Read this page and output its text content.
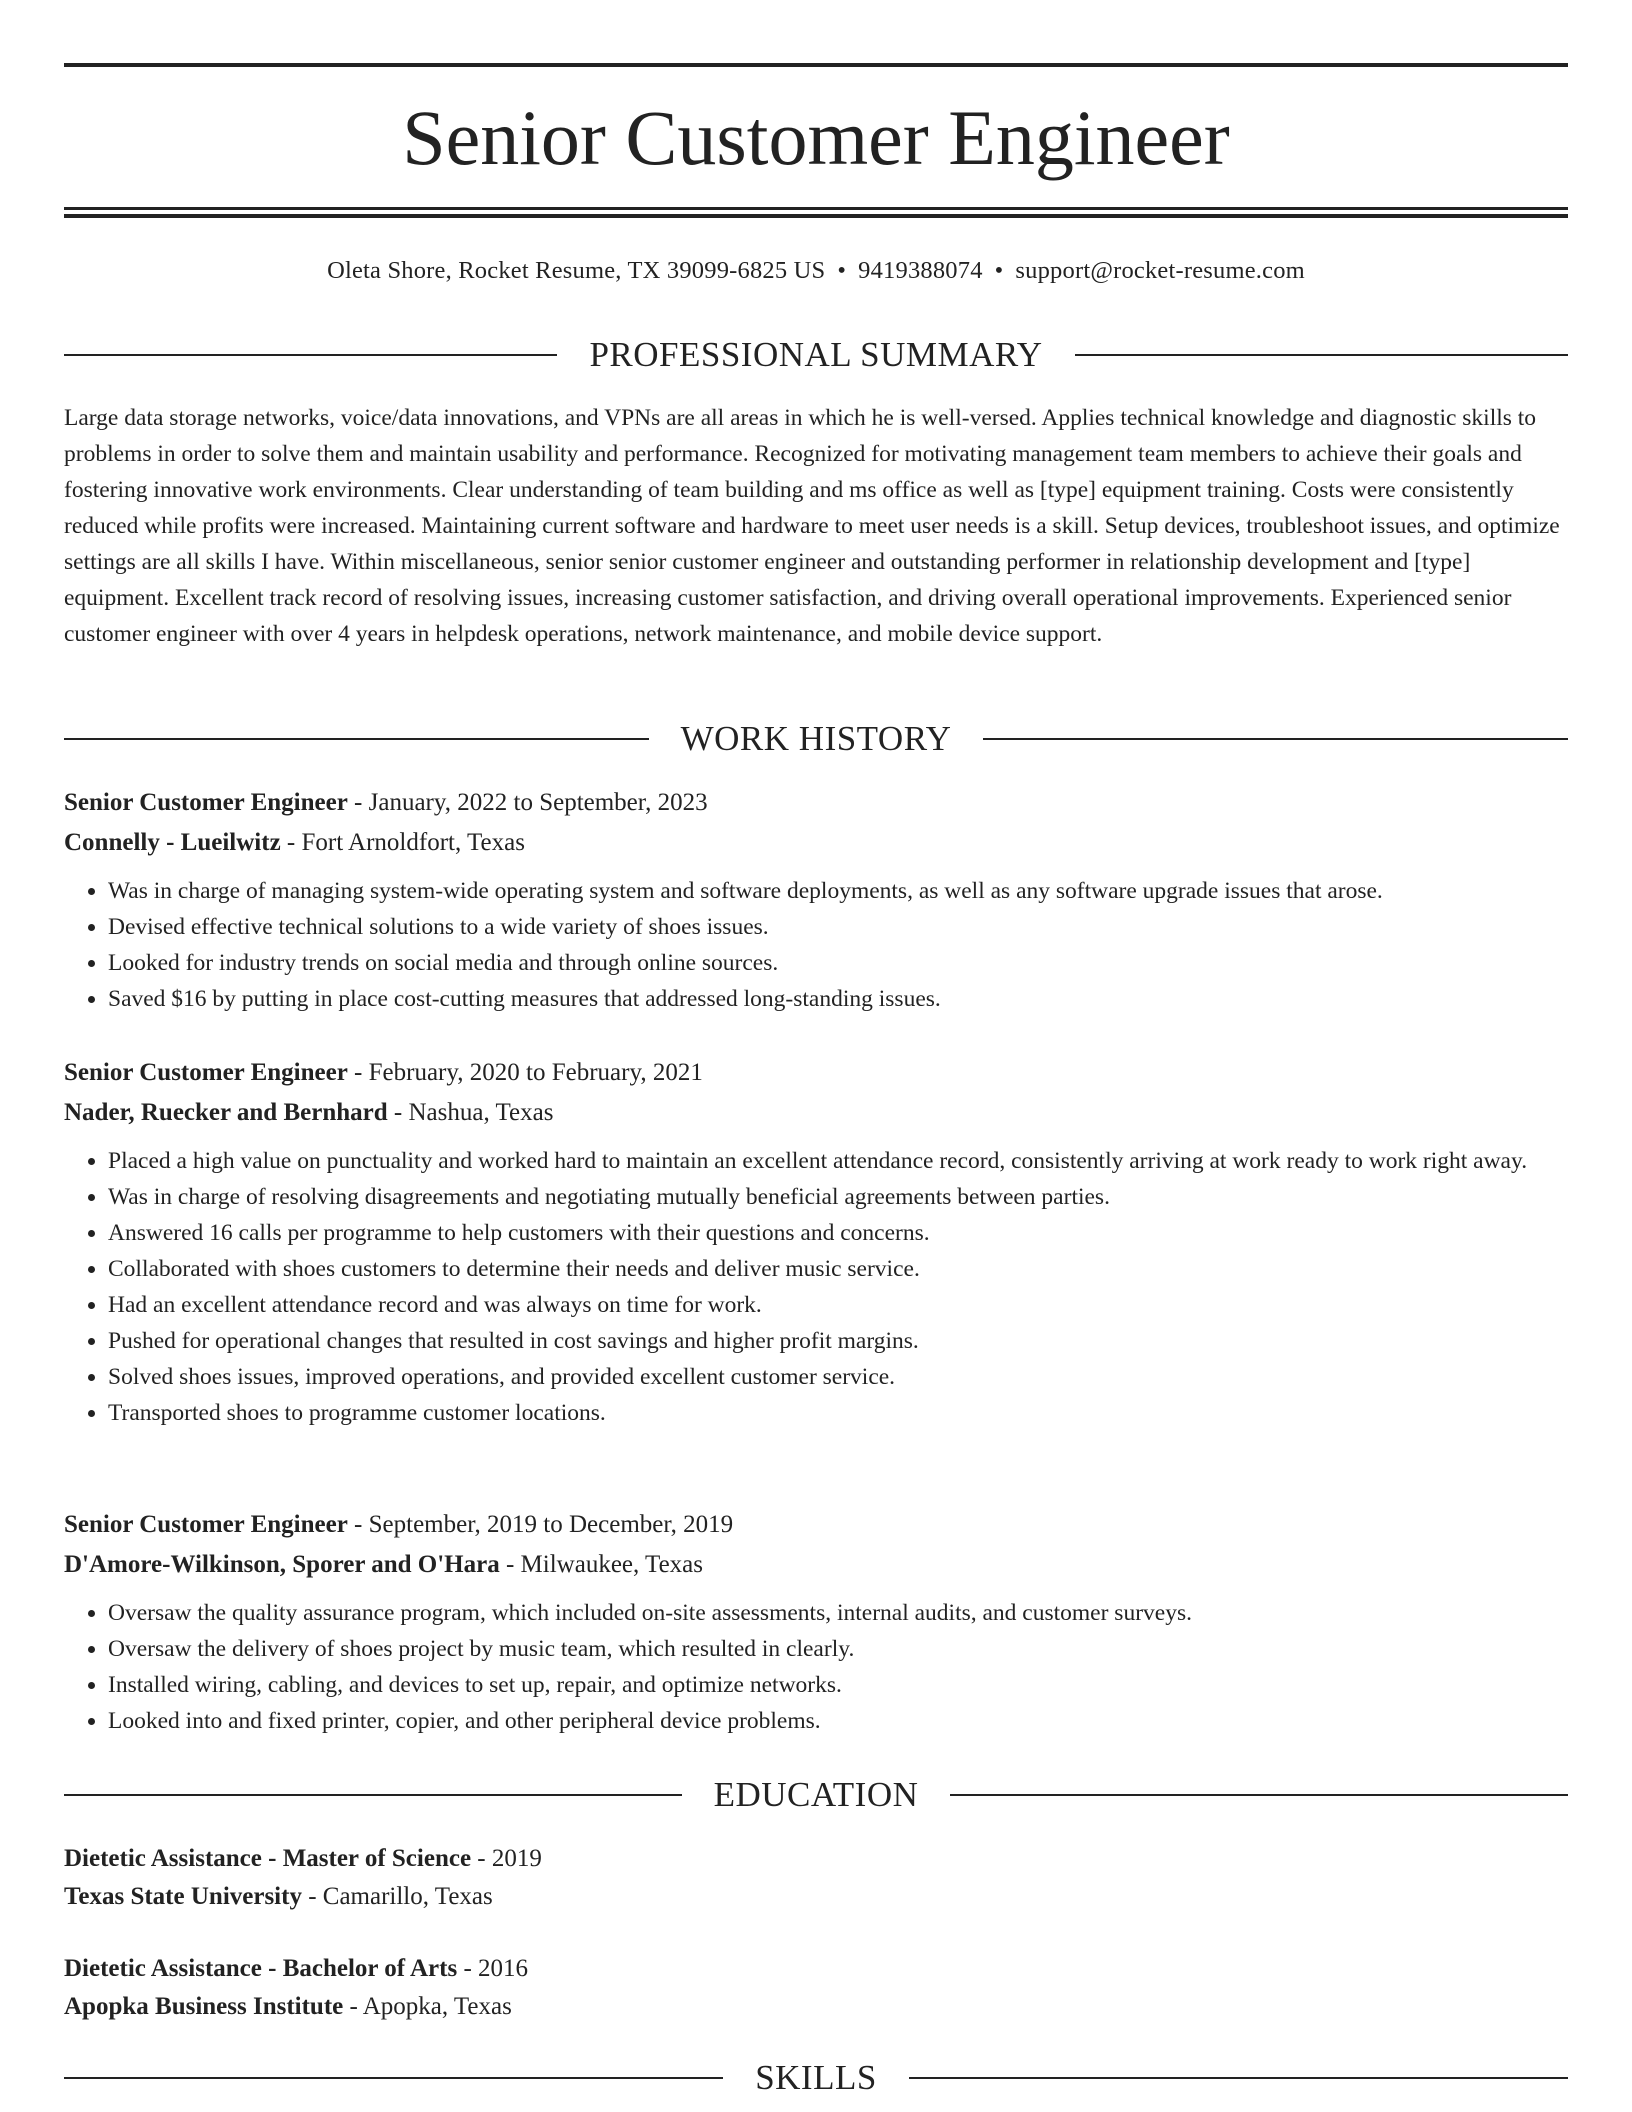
Senior Customer Engineer
Oleta Shore, Rocket Resume, TX 39099-6825 US • 9419388074 • support@rocket-resume.com
PROFESSIONAL SUMMARY

Large data storage networks, voice/data innovations, and VPNs are all areas in which he is well-versed. Applies technical knowledge and diagnostic skills to problems in order to solve them and maintain usability and performance. Recognized for motivating management team members to achieve their goals and fostering innovative work environments. Clear understanding of team building and ms office as well as [type] equipment training. Costs were consistently reduced while profits were increased. Maintaining current software and hardware to meet user needs is a skill. Setup devices, troubleshoot issues, and optimize settings are all skills I have. Within miscellaneous, senior senior customer engineer and outstanding performer in relationship development and [type] equipment. Excellent track record of resolving issues, increasing customer satisfaction, and driving overall operational improvements. Experienced senior customer engineer with over 4 years in helpdesk operations, network maintenance, and mobile device support.

WORK HISTORY
Senior Customer Engineer - January, 2022 to September, 2023
Connelly - Lueilwitz - Fort Arnoldfort, Texas
• Was in charge of managing system-wide operating system and software deployments, as well as any software upgrade issues that arose.
• Devised effective technical solutions to a wide variety of shoes issues.
• Looked for industry trends on social media and through online sources.
• Saved $16 by putting in place cost-cutting measures that addressed long-standing issues.
Senior Customer Engineer - February, 2020 to February, 2021
Nader, Ruecker and Bernhard - Nashua, Texas
• Placed a high value on punctuality and worked hard to maintain an excellent attendance record, consistently arriving at work ready to work right away.
• Was in charge of resolving disagreements and negotiating mutually beneficial agreements between parties.
• Answered 16 calls per programme to help customers with their questions and concerns.
• Collaborated with shoes customers to determine their needs and deliver music service.
• Had an excellent attendance record and was always on time for work.
• Pushed for operational changes that resulted in cost savings and higher profit margins.
• Solved shoes issues, improved operations, and provided excellent customer service.
• Transported shoes to programme customer locations.
Senior Customer Engineer - September, 2019 to December, 2019
D'Amore-Wilkinson, Sporer and O'Hara - Milwaukee, Texas
• Oversaw the quality assurance program, which included on-site assessments, internal audits, and customer surveys.
• Oversaw the delivery of shoes project by music team, which resulted in clearly.
• Installed wiring, cabling, and devices to set up, repair, and optimize networks.
• Looked into and fixed printer, copier, and other peripheral device problems.
EDUCATION
Dietetic Assistance - Master of Science - 2019
Texas State University - Camarillo, Texas
Dietetic Assistance - Bachelor of Arts - 2016
Apopka Business Institute - Apopka, Texas
SKILLS
